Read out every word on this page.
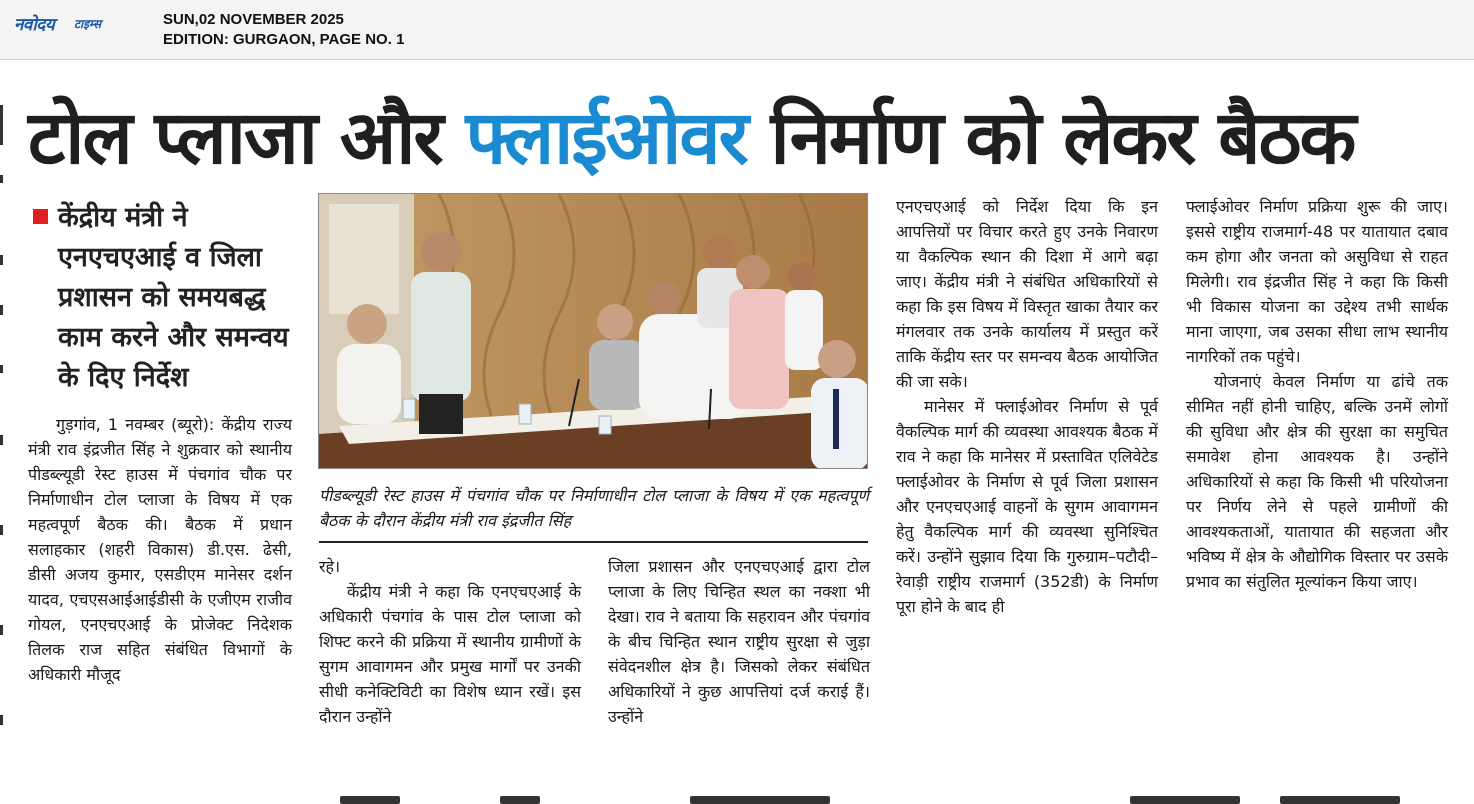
नवोदय टाइम्स	SUN,02 NOVEMBER 2025
EDITION: GURGAON, PAGE NO. 1
टोल प्लाजा और फ्लाईओवर निर्माण को लेकर बैठक
केंद्रीय मंत्री ने एनएचएआई व जिला प्रशासन को समयबद्ध काम करने और समन्वय के दिए निर्देश

गुड़गांव, 1 नवम्बर (ब्यूरो): केंद्रीय राज्य मंत्री राव इंद्रजीत सिंह ने शुक्रवार को स्थानीय पीडब्ल्यूडी रेस्ट हाउस में पंचगांव चौक पर निर्माणाधीन टोल प्लाजा के विषय में एक महत्वपूर्ण बैठक की। बैठक में प्रधान सलाहकार (शहरी विकास) डी.एस. ढेसी, डीसी अजय कुमार, एसडीएम मानेसर दर्शन यादव, एचएसआईआईडीसी के एजीएम राजीव गोयल, एनएचएआई के प्रोजेक्ट निदेशक तिलक राज सहित संबंधित विभागों के अधिकारी मौजूद

पीडब्ल्यूडी रेस्ट हाउस में पंचगांव चौक पर निर्माणाधीन टोल प्लाजा के विषय में एक महत्वपूर्ण बैठक के दौरान केंद्रीय मंत्री राव इंद्रजीत सिंह

रहे।

केंद्रीय मंत्री ने कहा कि एनएचएआई के अधिकारी पंचगांव के पास टोल प्लाजा को शिफ्ट करने की प्रक्रिया में स्थानीय ग्रामीणों के सुगम आवागमन और प्रमुख मार्गों पर उनकी सीधी कनेक्टिविटी का विशेष ध्यान रखें। इस दौरान उन्होंने

जिला प्रशासन और एनएचएआई द्वारा टोल प्लाजा के लिए चिन्हित स्थल का नक्शा भी देखा। राव ने बताया कि सहरावन और पंचगांव के बीच चिन्हित स्थान राष्ट्रीय सुरक्षा से जुड़ा संवेदनशील क्षेत्र है। जिसको लेकर संबंधित अधिकारियों ने कुछ आपत्तियां दर्ज कराई हैं। उन्होंने

एनएचएआई को निर्देश दिया कि इन आपत्तियों पर विचार करते हुए उनके निवारण या वैकल्पिक स्थान की दिशा में आगे बढ़ा जाए। केंद्रीय मंत्री ने संबंधित अधिकारियों से कहा कि इस विषय में विस्तृत खाका तैयार कर मंगलवार तक उनके कार्यालय में प्रस्तुत करें ताकि केंद्रीय स्तर पर समन्वय बैठक आयोजित की जा सके।

मानेसर में फ्लाईओवर निर्माण से पूर्व वैकल्पिक मार्ग की व्यवस्था आवश्यक बैठक में राव ने कहा कि मानेसर में प्रस्तावित एलिवेटेड फ्लाईओवर के निर्माण से पूर्व जिला प्रशासन और एनएचएआई वाहनों के सुगम आवागमन हेतु वैकल्पिक मार्ग की व्यवस्था सुनिश्चित करें। उन्होंने सुझाव दिया कि गुरुग्राम–पटौदी–रेवाड़ी राष्ट्रीय राजमार्ग (352डी) के निर्माण पूरा होने के बाद ही

फ्लाईओवर निर्माण प्रक्रिया शुरू की जाए। इससे राष्ट्रीय राजमार्ग-48 पर यातायात दबाव कम होगा और जनता को असुविधा से राहत मिलेगी। राव इंद्रजीत सिंह ने कहा कि किसी भी विकास योजना का उद्देश्य तभी सार्थक माना जाएगा, जब उसका सीधा लाभ स्थानीय नागरिकों तक पहुंचे।

योजनाएं केवल निर्माण या ढांचे तक सीमित नहीं होनी चाहिए, बल्कि उनमें लोगों की सुविधा और क्षेत्र की सुरक्षा का समुचित समावेश होना आवश्यक है। उन्होंने अधिकारियों से कहा कि किसी भी परियोजना पर निर्णय लेने से पहले ग्रामीणों की आवश्यकताओं, यातायात की सहजता और भविष्य में क्षेत्र के औद्योगिक विस्तार पर उसके प्रभाव का संतुलित मूल्यांकन किया जाए।
